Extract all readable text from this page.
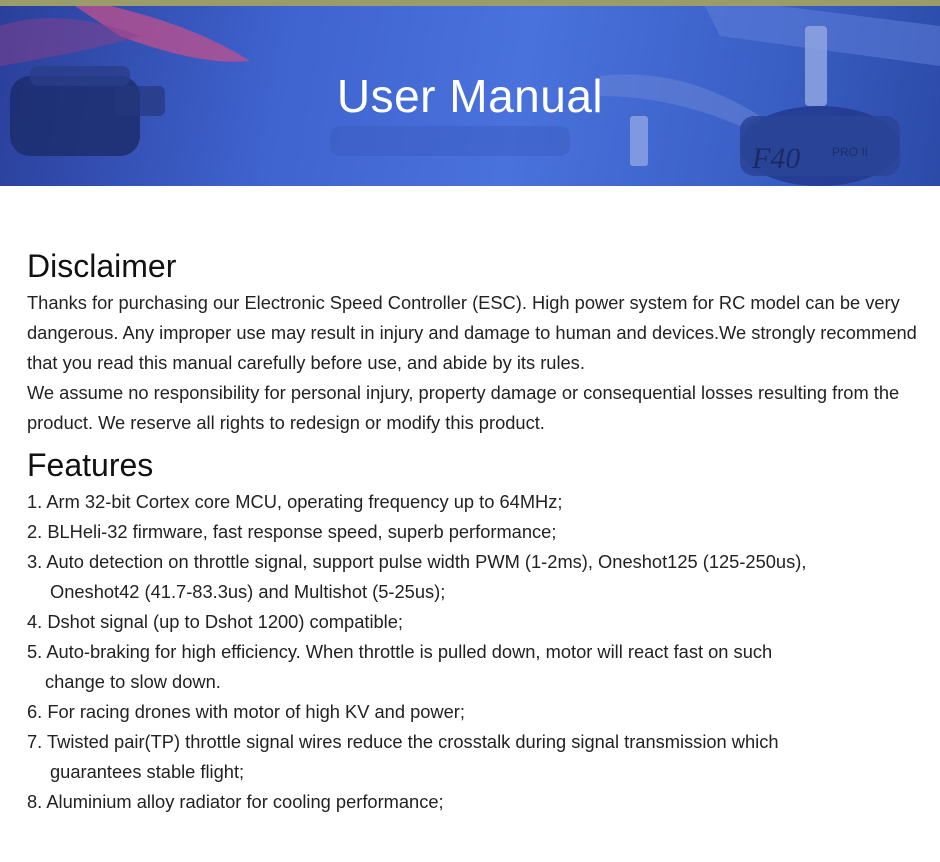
F40	PRO II
User Manual
Disclaimer

Thanks for purchasing our Electronic Speed Controller (ESC). High power system for RC model can be very dangerous. Any improper use may result in injury and damage to human and devices.We strongly recommend that you read this manual carefully before use, and abide by its rules.

We assume no responsibility for personal injury, property damage or consequential losses resulting from the product. We reserve all rights to redesign or modify this product.

Features
1. Arm 32-bit Cortex core MCU, operating frequency up to 64MHz;
2. BLHeli-32 firmware, fast response speed, superb performance;
3. Auto detection on throttle signal, support pulse width PWM (1-2ms), Oneshot125 (125-250us),
Oneshot42 (41.7-83.3us) and Multishot (5-25us);
4. Dshot signal (up to Dshot 1200) compatible;
5. Auto-braking for high efficiency. When throttle is pulled down, motor will react fast on such
change to slow down.
6. For racing drones with motor of high KV and power;
7. Twisted pair(TP) throttle signal wires reduce the crosstalk during signal transmission which
guarantees stable flight;
8. Aluminium alloy radiator for cooling performance;
